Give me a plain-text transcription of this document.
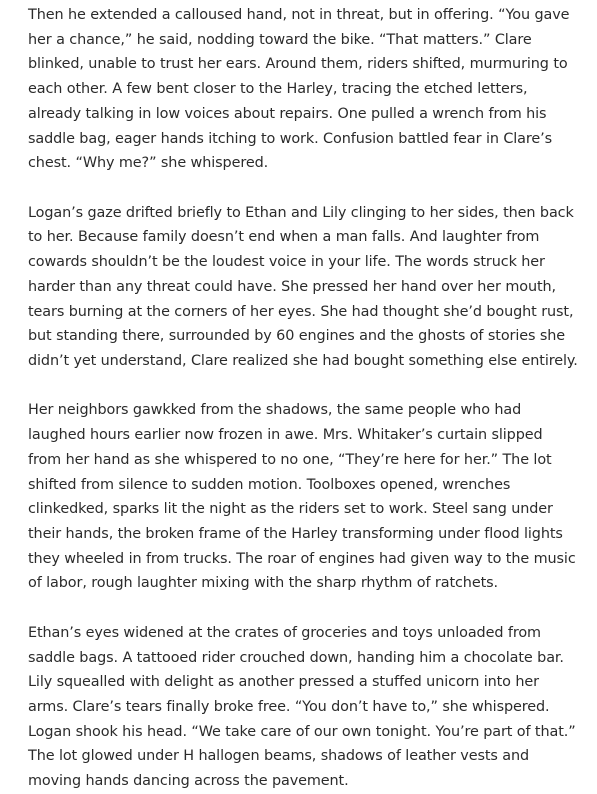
Then he extended a calloused hand, not in threat, but in offering. “You gave her a chance,” he said, nodding toward the bike. “That matters.” Clare blinked, unable to trust her ears. Around them, riders shifted, murmuring to each other. A few bent closer to the Harley, tracing the etched letters, already talking in low voices about repairs. One pulled a wrench from his saddle bag, eager hands itching to work. Confusion battled fear in Clare’s chest. “Why me?” she whispered.

Logan’s gaze drifted briefly to Ethan and Lily clinging to her sides, then back to her. Because family doesn’t end when a man falls. And laughter from cowards shouldn’t be the loudest voice in your life. The words struck her harder than any threat could have. She pressed her hand over her mouth, tears burning at the corners of her eyes. She had thought she’d bought rust, but standing there, surrounded by 60 engines and the ghosts of stories she didn’t yet understand, Clare realized she had bought something else entirely.

Her neighbors gawkked from the shadows, the same people who had laughed hours earlier now frozen in awe. Mrs. Whitaker’s curtain slipped from her hand as she whispered to no one, “They’re here for her.” The lot shifted from silence to sudden motion. Toolboxes opened, wrenches clinkedked, sparks lit the night as the riders set to work. Steel sang under their hands, the broken frame of the Harley transforming under flood lights they wheeled in from trucks. The roar of engines had given way to the music of labor, rough laughter mixing with the sharp rhythm of ratchets.

Ethan’s eyes widened at the crates of groceries and toys unloaded from saddle bags. A tattooed rider crouched down, handing him a chocolate bar. Lily squealled with delight as another pressed a stuffed unicorn into her arms. Clare’s tears finally broke free. “You don’t have to,” she whispered. Logan shook his head. “We take care of our own tonight. You’re part of that.” The lot glowed under H hallogen beams, shadows of leather vests and moving hands dancing across the pavement.
